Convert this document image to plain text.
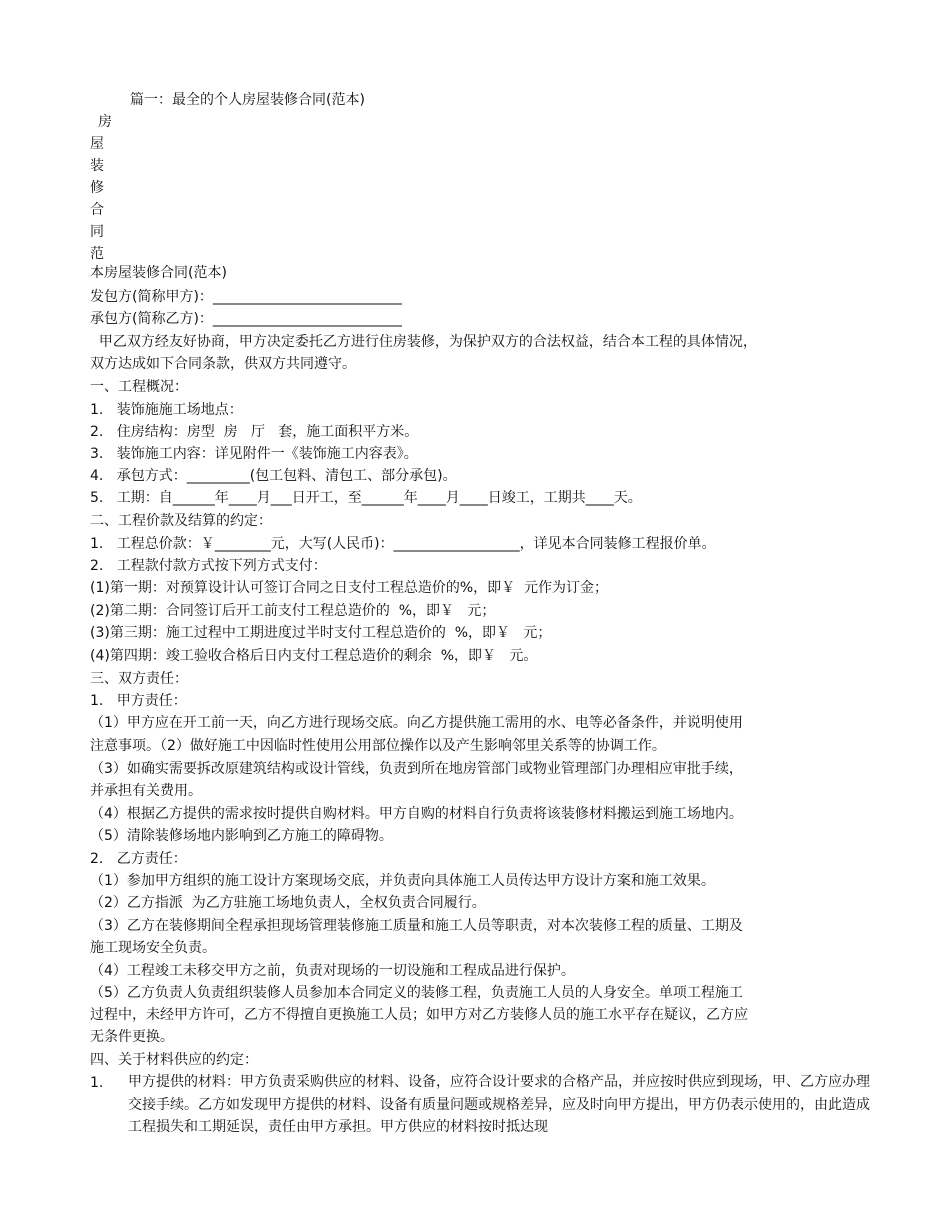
篇一：最全的个人房屋装修合同(范本)
房
屋
装
修
合
同
范
本房屋装修合同(范本)
发包方(简称甲方)：___________________________
承包方(简称乙方)：___________________________
甲乙双方经友好协商，甲方决定委托乙方进行住房装修，为保护双方的合法权益，结合本工程的具体情况，
双方达成如下合同条款，供双方共同遵守。
一、工程概况：
1.   装饰施施工场地点：
2.   住房结构：房型  房   厅   套，施工面积平方米。
3.   装饰施工内容：详见附件一《装饰施工内容表》。
4.   承包方式：_________(包工包料、清包工、部分承包)。
5.   工期：自______年____月___日开工，至______年____月____日竣工，工期共____天。
二、工程价款及结算的约定：
1.   工程总价款：￥________元，大写(人民币)：__________________，详见本合同装修工程报价单。
2.   工程款付款方式按下列方式支付：
(1)第一期：对预算设计认可签订合同之日支付工程总造价的%，即￥  元作为订金；
(2)第二期：合同签订后开工前支付工程总造价的  %，即￥   元；
(3)第三期：施工过程中工期进度过半时支付工程总造价的  %，即￥   元；
(4)第四期：竣工验收合格后日内支付工程总造价的剩余  %，即￥   元。
三、双方责任：
1.   甲方责任：
（1）甲方应在开工前一天，向乙方进行现场交底。向乙方提供施工需用的水、电等必备条件，并说明使用
注意事项。（2）做好施工中因临时性使用公用部位操作以及产生影响邻里关系等的协调工作。
（3）如确实需要拆改原建筑结构或设计管线，负责到所在地房管部门或物业管理部门办理相应审批手续，
并承担有关费用。
（4）根据乙方提供的需求按时提供自购材料。甲方自购的材料自行负责将该装修材料搬运到施工场地内。
（5）清除装修场地内影响到乙方施工的障碍物。
2.   乙方责任：
（1）参加甲方组织的施工设计方案现场交底，并负责向具体施工人员传达甲方设计方案和施工效果。
（2）乙方指派  为乙方驻施工场地负责人，全权负责合同履行。
（3）乙方在装修期间全程承担现场管理装修施工质量和施工人员等职责，对本次装修工程的质量、工期及
施工现场安全负责。
（4）工程竣工未移交甲方之前，负责对现场的一切设施和工程成品进行保护。
（5）乙方负责人负责组织装修人员参加本合同定义的装修工程，负责施工人员的人身安全。单项工程施工
过程中，未经甲方许可，乙方不得擅自更换施工人员；如甲方对乙方装修人员的施工水平存在疑议，乙方应
无条件更换。
四、关于材料供应的约定：
1. 甲方提供的材料：甲方负责采购供应的材料、设备，应符合设计要求的合格产品，并应按时供应到现场，甲、乙方应办理交接手续。乙方如发现甲方提供的材料、设备有质量问题或规格差异，应及时向甲方提出，甲方仍表示使用的，由此造成工程损失和工期延误，责任由甲方承担。甲方供应的材料按时抵达现
